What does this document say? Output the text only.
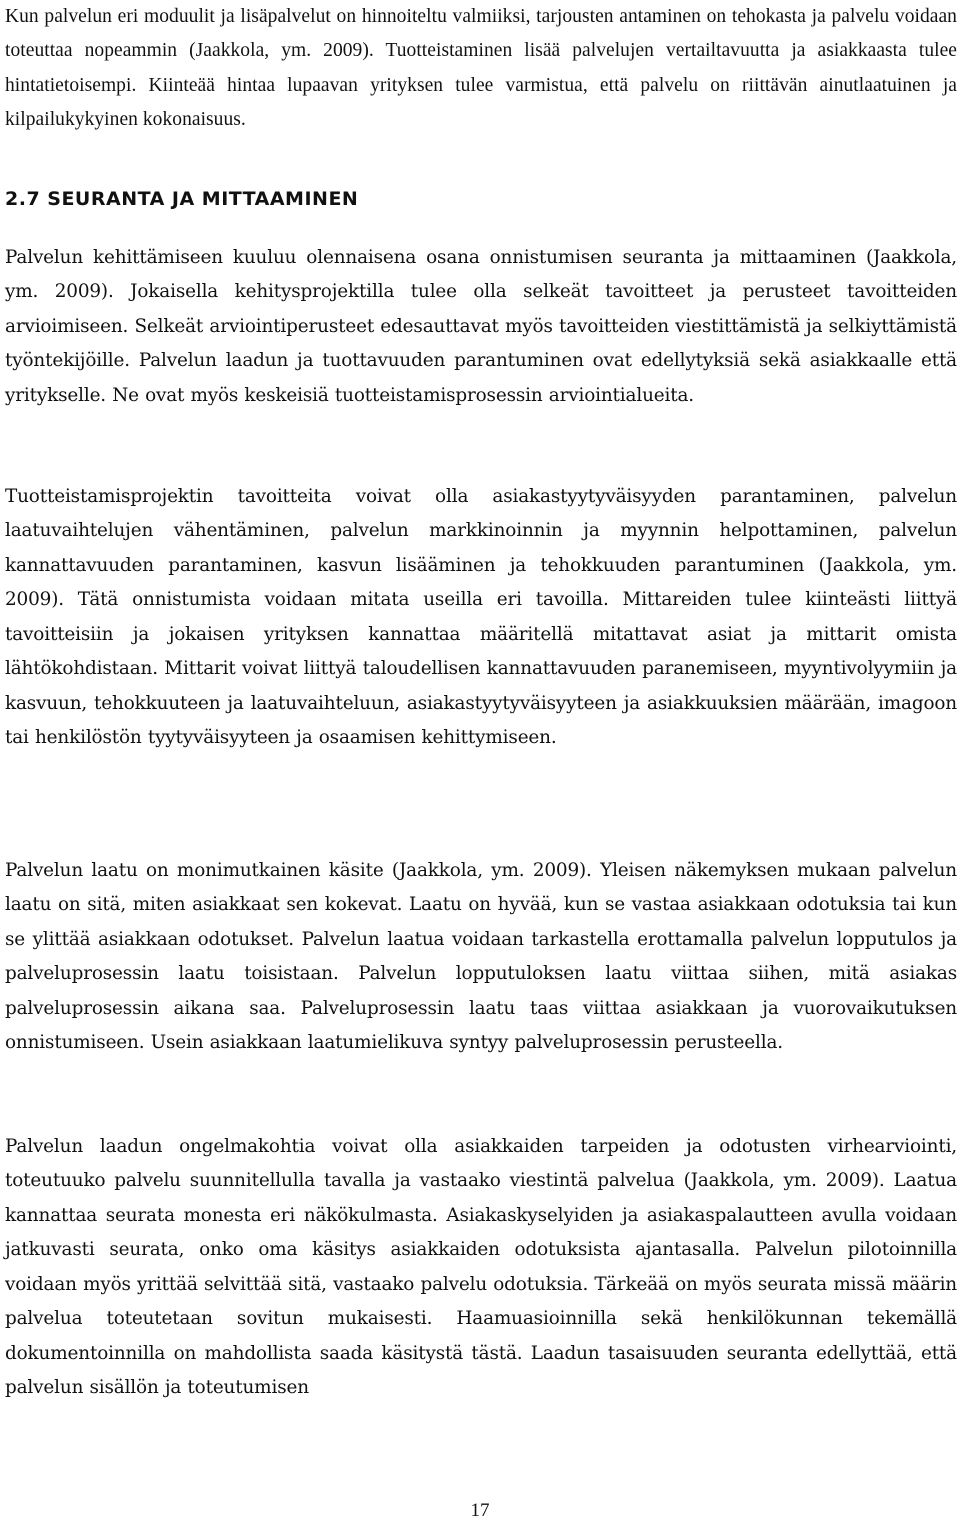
Kun palvelun eri moduulit ja lisäpalvelut on hinnoiteltu valmiiksi, tarjousten antaminen on tehokasta ja palvelu voidaan toteuttaa nopeammin (Jaakkola, ym. 2009). Tuotteistaminen lisää palvelujen vertailtavuutta ja asiakkaasta tulee hintatietoisempi. Kiinteää hintaa lupaavan yrityksen tulee varmistua, että palvelu on riittävän ainutlaatuinen ja kilpailukykyinen kokonaisuus.

2.7 SEURANTA JA MITTAAMINEN

Palvelun kehittämiseen kuuluu olennaisena osana onnistumisen seuranta ja mittaaminen (Jaakkola, ym. 2009). Jokaisella kehitysprojektilla tulee olla selkeät tavoitteet ja perusteet tavoitteiden arvioimiseen. Selkeät arviointiperusteet edesauttavat myös tavoitteiden viestittämistä ja selkiyttämistä työntekijöille. Palvelun laadun ja tuottavuuden parantuminen ovat edellytyksiä sekä asiakkaalle että yritykselle. Ne ovat myös keskeisiä tuotteistamisprosessin arviointialueita.

Tuotteistamisprojektin tavoitteita voivat olla asiakastyytyväisyyden parantaminen, palvelun laatuvaihtelujen vähentäminen, palvelun markkinoinnin ja myynnin helpottaminen, palvelun kannattavuuden parantaminen, kasvun lisääminen ja tehokkuuden parantuminen (Jaakkola, ym. 2009). Tätä onnistumista voidaan mitata useilla eri tavoilla. Mittareiden tulee kiinteästi liittyä tavoitteisiin ja jokaisen yrityksen kannattaa määritellä mitattavat asiat ja mittarit omista lähtökohdistaan. Mittarit voivat liittyä taloudellisen kannattavuuden paranemiseen, myyntivolyymiin ja kasvuun, tehokkuuteen ja laatuvaihteluun, asiakastyytyväisyyteen ja asiakkuuksien määrään, imagoon tai henkilöstön tyytyväisyyteen ja osaamisen kehittymiseen.

Palvelun laatu on monimutkainen käsite (Jaakkola, ym. 2009). Yleisen näkemyksen mukaan palvelun laatu on sitä, miten asiakkaat sen kokevat. Laatu on hyvää, kun se vastaa asiakkaan odotuksia tai kun se ylittää asiakkaan odotukset. Palvelun laatua voidaan tarkastella erottamalla palvelun lopputulos ja palveluprosessin laatu toisistaan. Palvelun lopputuloksen laatu viittaa siihen, mitä asiakas palveluprosessin aikana saa. Palveluprosessin laatu taas viittaa asiakkaan ja vuorovaikutuksen onnistumiseen. Usein asiakkaan laatumielikuva syntyy palveluprosessin perusteella.

Palvelun laadun ongelmakohtia voivat olla asiakkaiden tarpeiden ja odotusten virhearviointi, toteutuuko palvelu suunnitellulla tavalla ja vastaako viestintä palvelua (Jaakkola, ym. 2009). Laatua kannattaa seurata monesta eri näkökulmasta. Asiakaskyselyiden ja asiakaspalautteen avulla voidaan jatkuvasti seurata, onko oma käsitys asiakkaiden odotuksista ajantasalla. Palvelun pilotoinnilla voidaan myös yrittää selvittää sitä, vastaako palvelu odotuksia. Tärkeää on myös seurata missä määrin palvelua toteutetaan sovitun mukaisesti. Haamuasioinnilla sekä henkilökunnan tekemällä dokumentoinnilla on mahdollista saada käsitystä tästä. Laadun tasaisuuden seuranta edellyttää, että palvelun sisällön ja toteutumisen

17
